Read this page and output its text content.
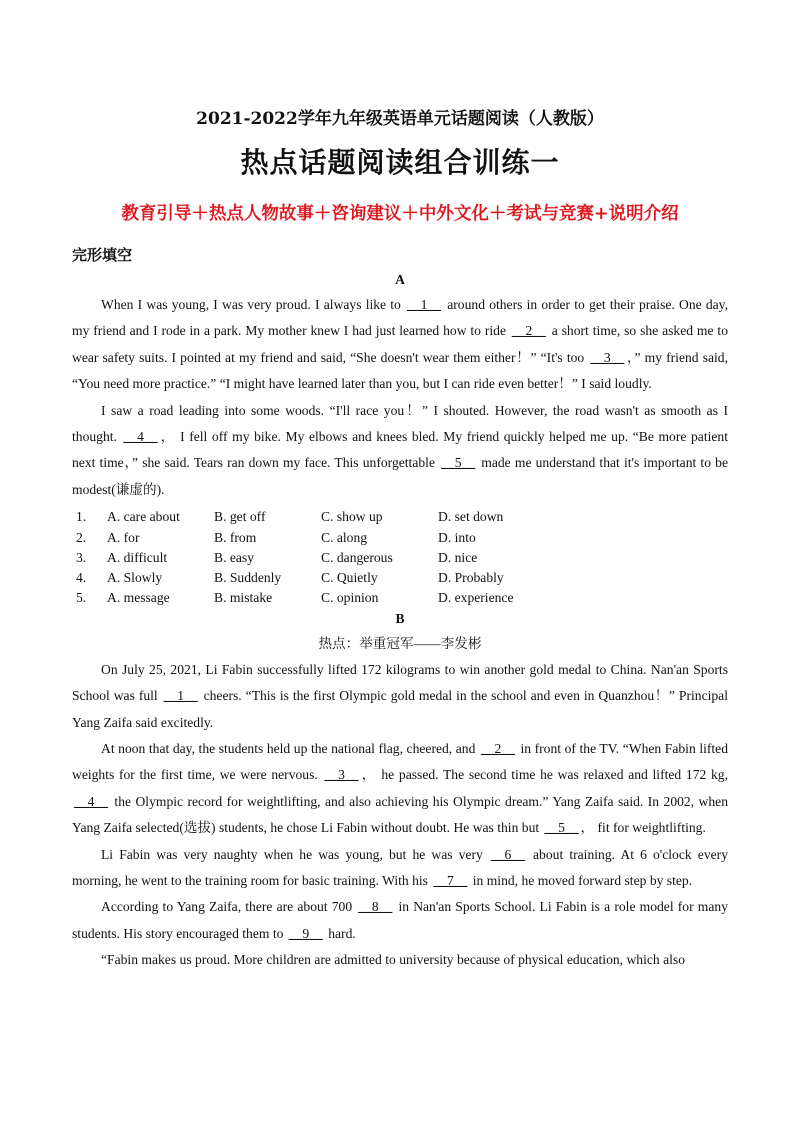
2021-2022学年九年级英语单元话题阅读（人教版）
热点话题阅读组合训练一
教育引导＋热点人物故事＋咨询建议＋中外文化＋考试与竞赛+说明介绍
完形填空
A

When I was young, I was very proud. I always like to __1__ around others in order to get their praise. One day, my friend and I rode in a park. My mother knew I had just learned how to ride __2__ a short time, so she asked me to wear safety suits. I pointed at my friend and said, “She doesn't wear them either！” “It's too __3__ ，” my friend said, “You need more practice.” “I might have learned later than you, but I can ride even better！” I said loudly.

I saw a road leading into some woods. “I'll race you！” I shouted. However, the road wasn't as smooth as I thought. __4__ ， I fell off my bike. My elbows and knees bled. My friend quickly helped me up. “Be more patient next time，” she said. Tears ran down my face. This unforgettable __5__ made me understand that it's important to be modest(谦虚的).

1.	A. care about	B. get off	C. show up	D. set down
2.	A. for	B. from	C. along	D. into
3.	A. difficult	B. easy	C. dangerous	D. nice
4.	A. Slowly	B. Suddenly	C. Quietly	D. Probably
5.	A. message	B. mistake	C. opinion	D. experience
B
热点：举重冠军——李发彬

On July 25, 2021, Li Fabin successfully lifted 172 kilograms to win another gold medal to China. Nan'an Sports School was full __1__ cheers. “This is the first Olympic gold medal in the school and even in Quanzhou！” Principal Yang Zaifa said excitedly.

At noon that day, the students held up the national flag, cheered, and __2__ in front of the TV. “When Fabin lifted weights for the first time, we were nervous. __3__ ， he passed. The second time he was relaxed and lifted 172 kg, __4__ the Olympic record for weightlifting, and also achieving his Olympic dream.” Yang Zaifa said. In 2002, when Yang Zaifa selected(选拔) students, he chose Li Fabin without doubt. He was thin but __5__ ， fit for weightlifting.

Li Fabin was very naughty when he was young, but he was very __6__ about training. At 6 o'clock every morning, he went to the training room for basic training. With his __7__ in mind, he moved forward step by step.

According to Yang Zaifa, there are about 700 __8__ in Nan'an Sports School. Li Fabin is a role model for many students. His story encouraged them to __9__ hard.

“Fabin makes us proud. More children are admitted to university because of physical education, which also
